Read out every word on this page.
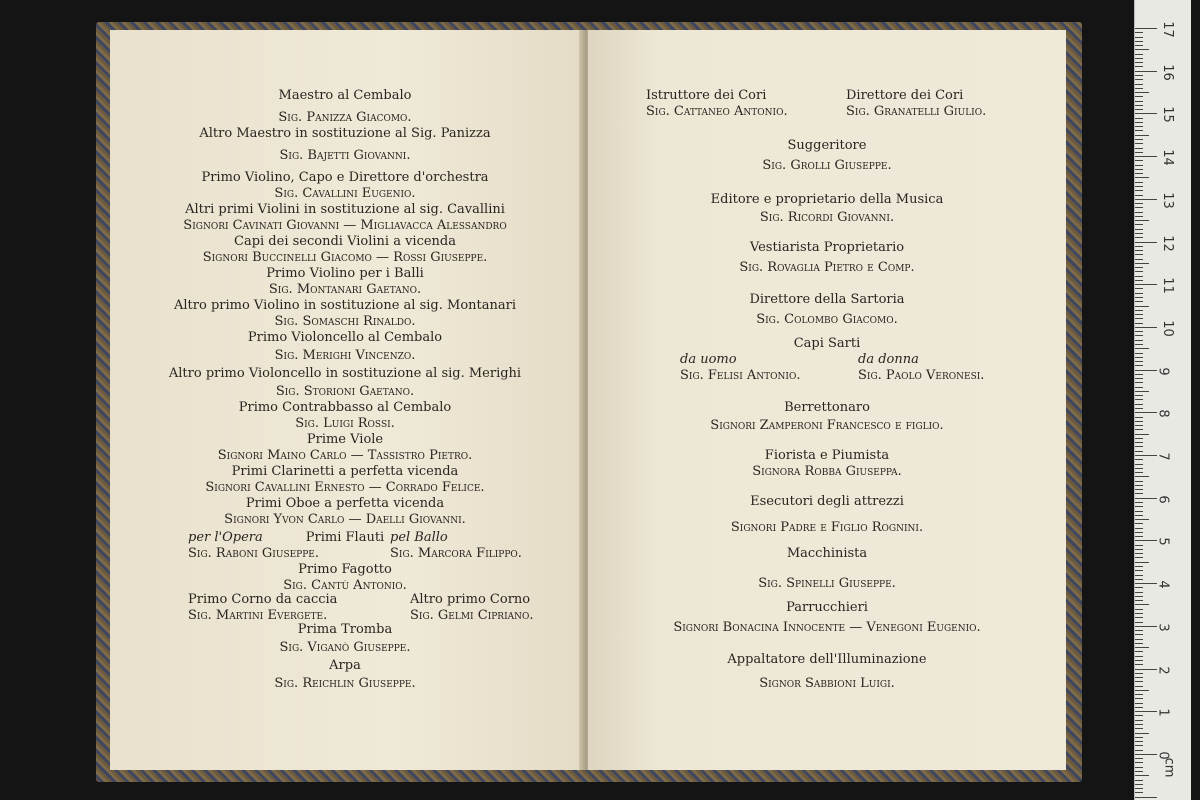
Maestro al Cembalo
Sig. Panizza Giacomo.
Altro Maestro in sostituzione al Sig. Panizza
Sig. Bajetti Giovanni.
Primo Violino, Capo e Direttore d'orchestra
Sig. Cavallini Eugenio.
Altri primi Violini in sostituzione al sig. Cavallini
Signori Cavinati Giovanni — Migliavacca Alessandro
Capi dei secondi Violini a vicenda
Signori Buccinelli Giacomo — Rossi Giuseppe.
Primo Violino per i Balli
Sig. Montanari Gaetano.
Altro primo Violino in sostituzione al sig. Montanari
Sig. Somaschi Rinaldo.
Primo Violoncello al Cembalo
Sig. Merighi Vincenzo.
Altro primo Violoncello in sostituzione al sig. Merighi
Sig. Storioni Gaetano.
Primo Contrabbasso al Cembalo
Sig. Luigi Rossi.
Prime Viole
Signori Maino Carlo — Tassistro Pietro.
Primi Clarinetti a perfetta vicenda
Signori Cavallini Ernesto — Corrado Felice.
Primi Oboe a perfetta vicenda
Signori Yvon Carlo — Daelli Giovanni.
Primi Flauti
per l'Opera	pel Ballo
Sig. Raboni Giuseppe.	Sig. Marcora Filippo.
Primo Fagotto
Sig. Cantù Antonio.
Primo Corno da caccia	Altro primo Corno
Sig. Martini Evergete.	Sig. Gelmi Cipriano.
Prima Tromba
Sig. Viganò Giuseppe.
Arpa
Sig. Reichlin Giuseppe.
Istruttore dei Cori	Direttore dei Cori
Sig. Cattaneo Antonio.	Sig. Granatelli Giulio.
Suggeritore
Sig. Grolli Giuseppe.
Editore e proprietario della Musica
Sig. Ricordi Giovanni.
Vestiarista Proprietario
Sig. Rovaglia Pietro e Comp.
Direttore della Sartoria
Sig. Colombo Giacomo.
Capi Sarti
da uomo	da donna
Sig. Felisi Antonio.	Sig. Paolo Veronesi.
Berrettonaro
Signori Zamperoni Francesco e figlio.
Fiorista e Piumista
Signora Robba Giuseppa.
Esecutori degli attrezzi
Signori Padre e Figlio Rognini.
Macchinista
Sig. Spinelli Giuseppe.
Parrucchieri
Signori Bonacina Innocente — Venegoni Eugenio.
Appaltatore dell'Illuminazione
Signor Sabbioni Luigi.
17
16
15
14
13
12
11
10
9
8
7
6
5
4
3
2
1
0
cm
